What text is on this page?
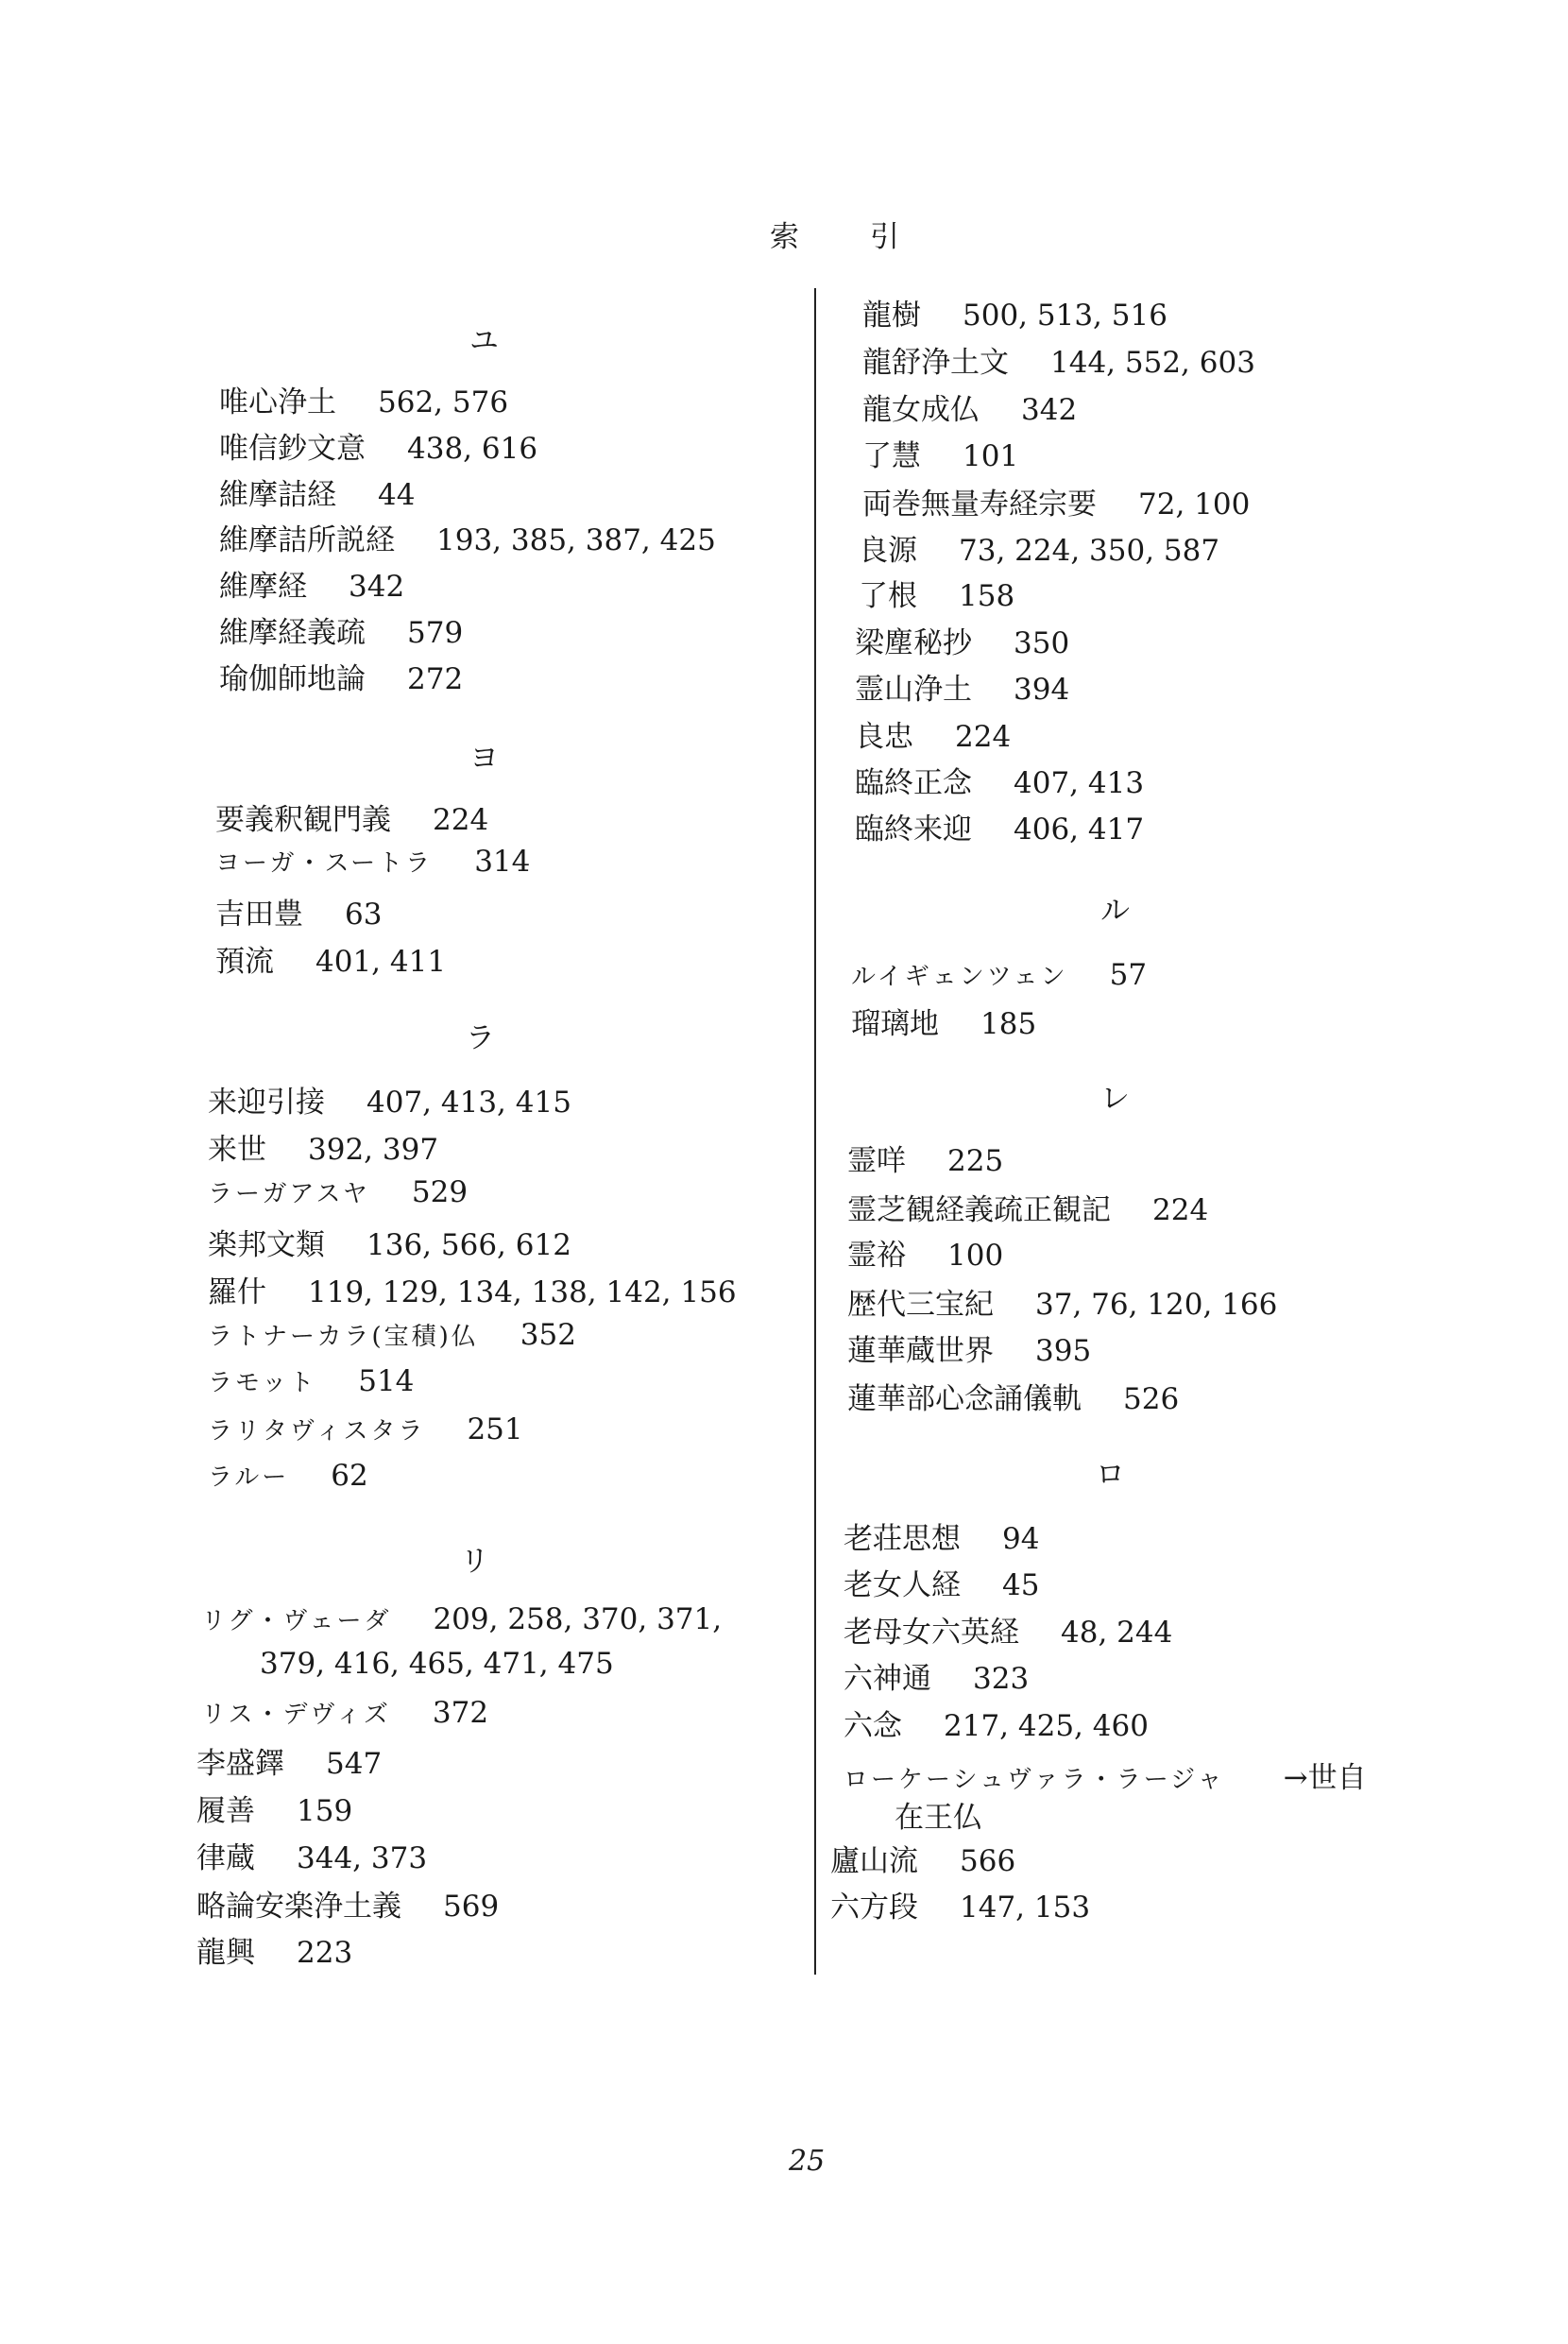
索引
ユ
唯心浄土 562, 576
唯信鈔文意 438, 616
維摩詰経 44
維摩詰所説経 193, 385, 387, 425
維摩経 342
維摩経義疏 579
瑜伽師地論 272
ヨ
要義釈観門義 224
ヨーガ・スートラ 314
吉田豊 63
預流 401, 411
ラ
来迎引接 407, 413, 415
来世 392, 397
ラーガアスヤ 529
楽邦文類 136, 566, 612
羅什 119, 129, 134, 138, 142, 156
ラトナーカラ(宝積)仏 352
ラモット 514
ラリタヴィスタラ 251
ラルー 62
リ
リグ・ヴェーダ 209, 258, 370, 371,
379, 416, 465, 471, 475
リス・デヴィズ 372
李盛鐸 547
履善 159
律蔵 344, 373
略論安楽浄土義 569
龍興 223
龍樹 500, 513, 516
龍舒浄土文 144, 552, 603
龍女成仏 342
了慧 101
両巻無量寿経宗要 72, 100
良源 73, 224, 350, 587
了根 158
梁塵秘抄 350
霊山浄土 394
良忠 224
臨終正念 407, 413
臨終来迎 406, 417
ル
ルイギェンツェン 57
瑠璃地 185
レ
霊咩 225
霊芝観経義疏正観記 224
霊裕 100
歴代三宝紀 37, 76, 120, 166
蓮華蔵世界 395
蓮華部心念誦儀軌 526
ロ
老荘思想 94
老女人経 45
老母女六英経 48, 244
六神通 323
六念 217, 425, 460
ローケーシュヴァラ・ラージャ →世自
在王仏
廬山流 566
六方段 147, 153
25
